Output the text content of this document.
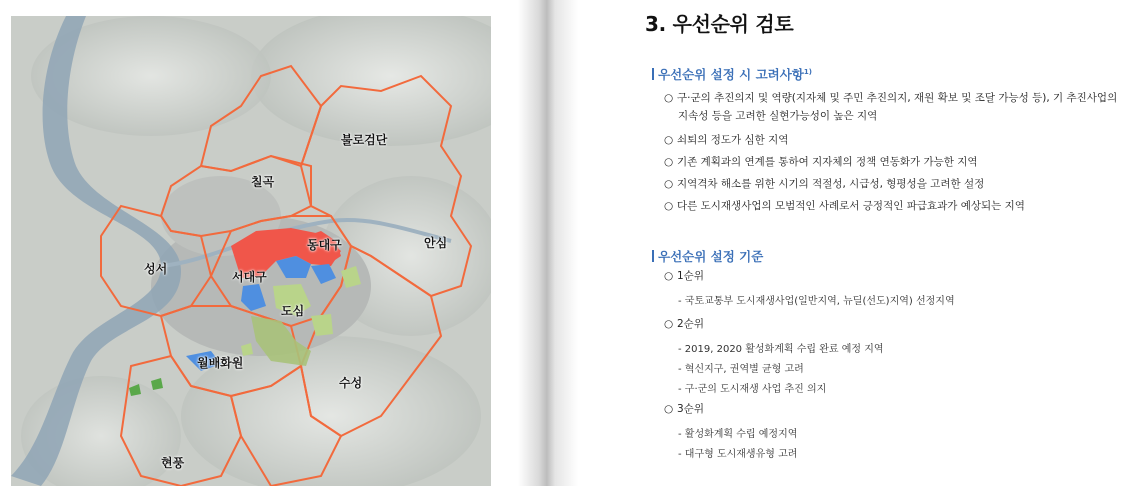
불로검단
칠곡
동대구	안심
성서
서대구
도심
월배화원
수성
현풍
3. 우선순위 검토
우선순위 설정 시 고려사항$^{1)}$
○ 구·군의 추진의지 및 역량(지자체 및 주민 추진의지, 재원 확보 및 조달 가능성 등), 기 추진사업의
지속성 등을 고려한 실현가능성이 높은 지역
○ 쇠퇴의 정도가 심한 지역
○ 기존 계획과의 연계를 통하여 지자체의 정책 연동화가 가능한 지역
○ 지역격차 해소를 위한 시기의 적절성, 시급성, 형평성을 고려한 설정
○ 다른 도시재생사업의 모범적인 사례로서 긍정적인 파급효과가 예상되는 지역
우선순위 설정 기준
○ 1순위
- 국토교통부 도시재생사업(일반지역, 뉴딜(선도)지역) 선정지역
○ 2순위
- 2019, 2020 활성화계획 수립 완료 예정 지역
- 혁신지구, 권역별 균형 고려
- 구·군의 도시재생 사업 추진 의지
○ 3순위
- 활성화계획 수립 예정지역
- 대구형 도시재생유형 고려
